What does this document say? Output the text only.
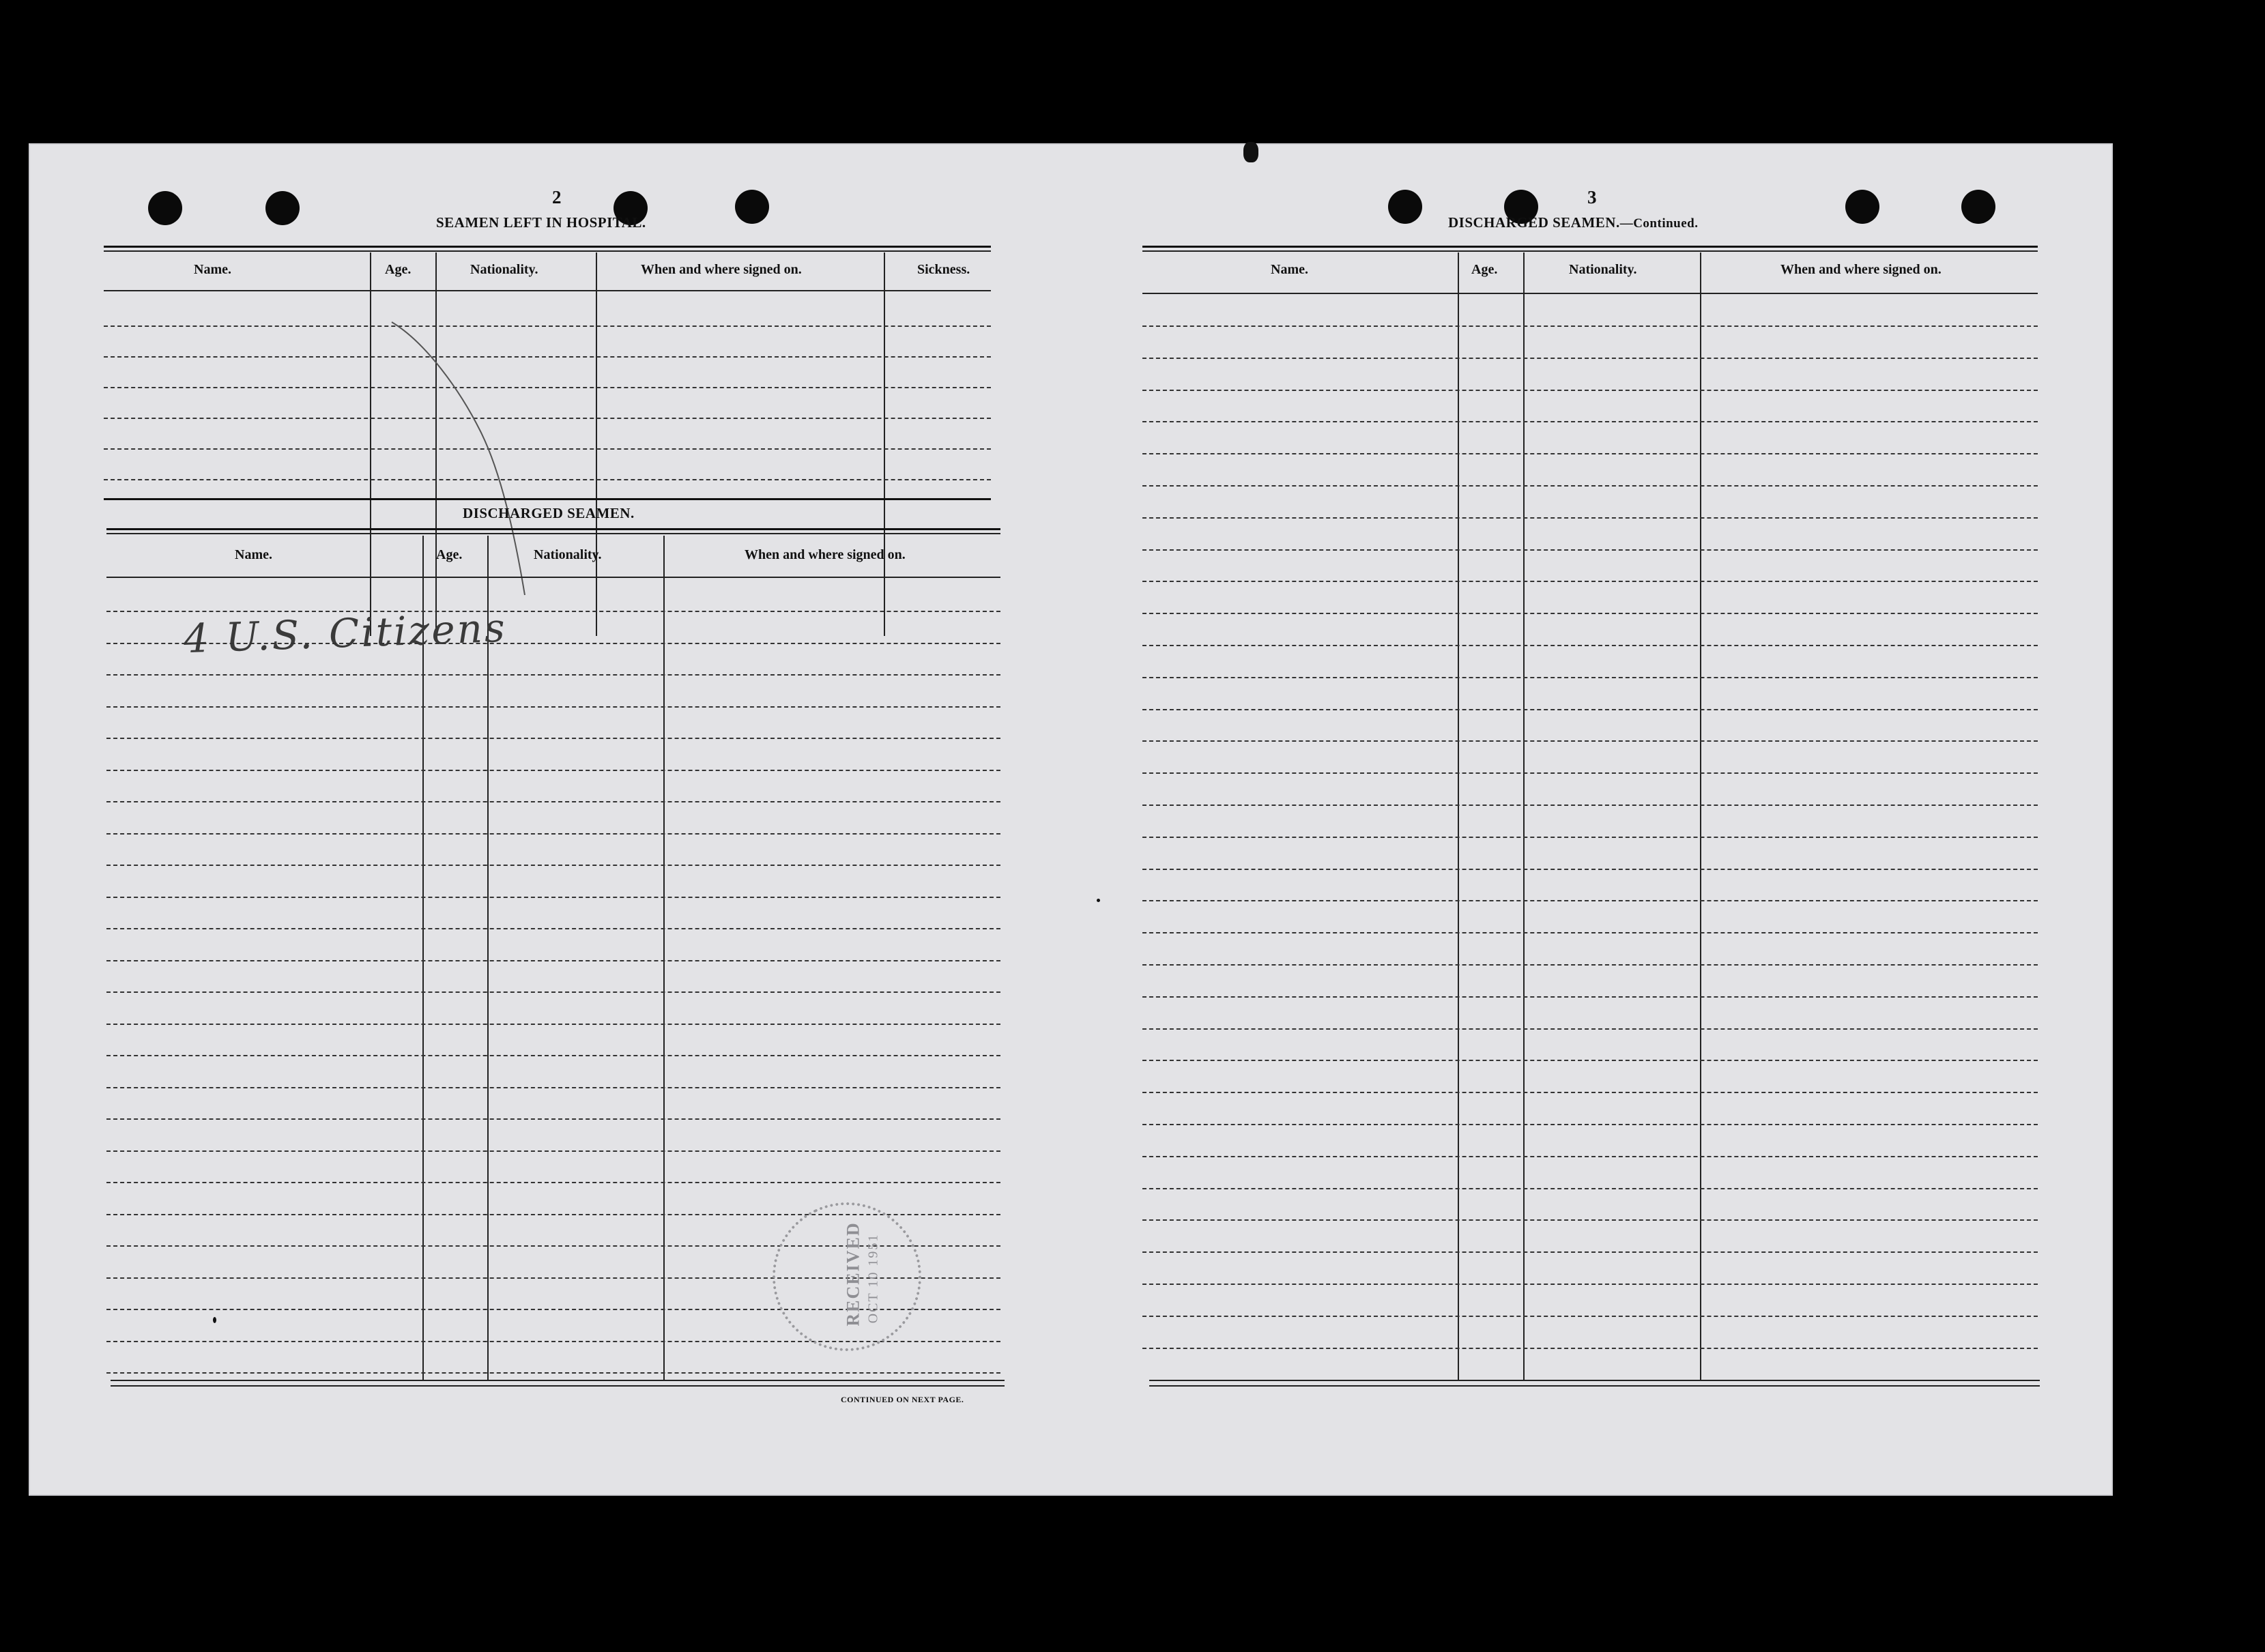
2
SEAMEN LEFT IN HOSPITAL.
Name.	Age.	Nationality.	When and where signed on.	Sickness.
DISCHARGED SEAMEN.
Name.	Age.	Nationality.	When and where signed on.
4 U.S. Citizens
CONTINUED ON NEXT PAGE.
RECEIVED OCT 10 1951
3
DISCHARGED SEAMEN.—Continued.
Name.	Age.	Nationality.	When and where signed on.
